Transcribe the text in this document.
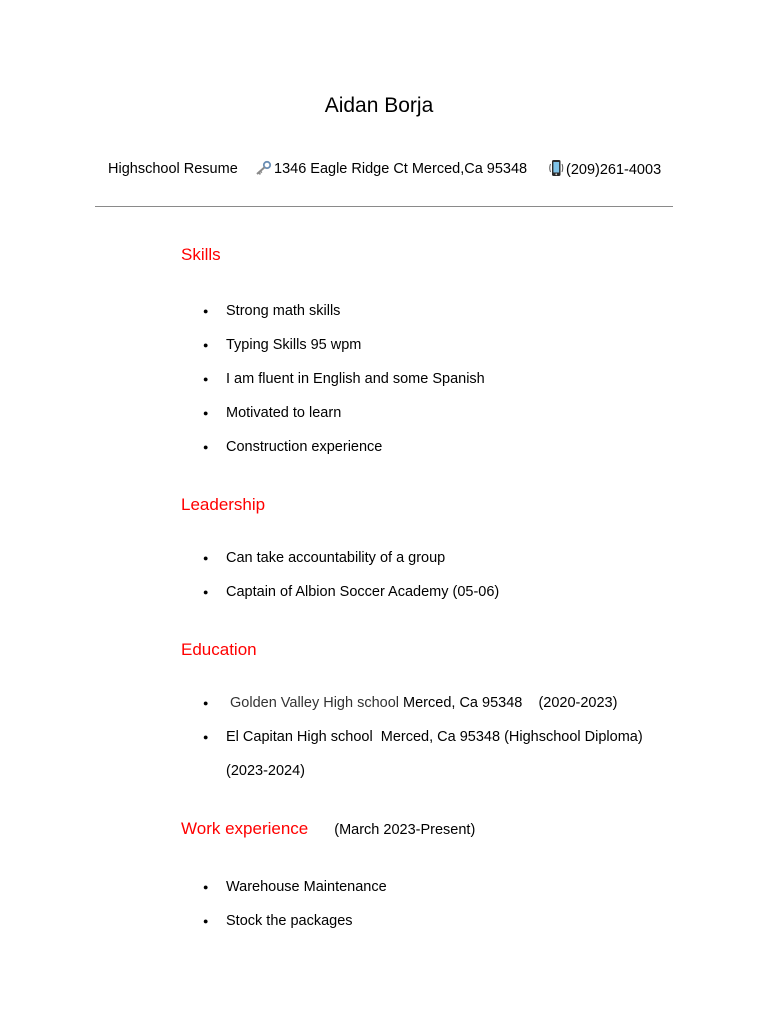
Aidan Borja
Highschool Resume	1346 Eagle Ridge Ct Merced,Ca 95348	(209)261-4003
Skills
● Strong math skills
● Typing Skills 95 wpm
● I am fluent in English and some Spanish
● Motivated to learn
● Construction experience
Leadership
● Can take accountability of a group
● Captain of Albion Soccer Academy (05-06)
Education
● Golden Valley High school Merced, Ca 95348 (2020-2023)
● El Capitan High school Merced, Ca 95348 (Highschool Diploma)
(2023-2024)
Work experience (March 2023-Present)
● Warehouse Maintenance
● Stock the packages
